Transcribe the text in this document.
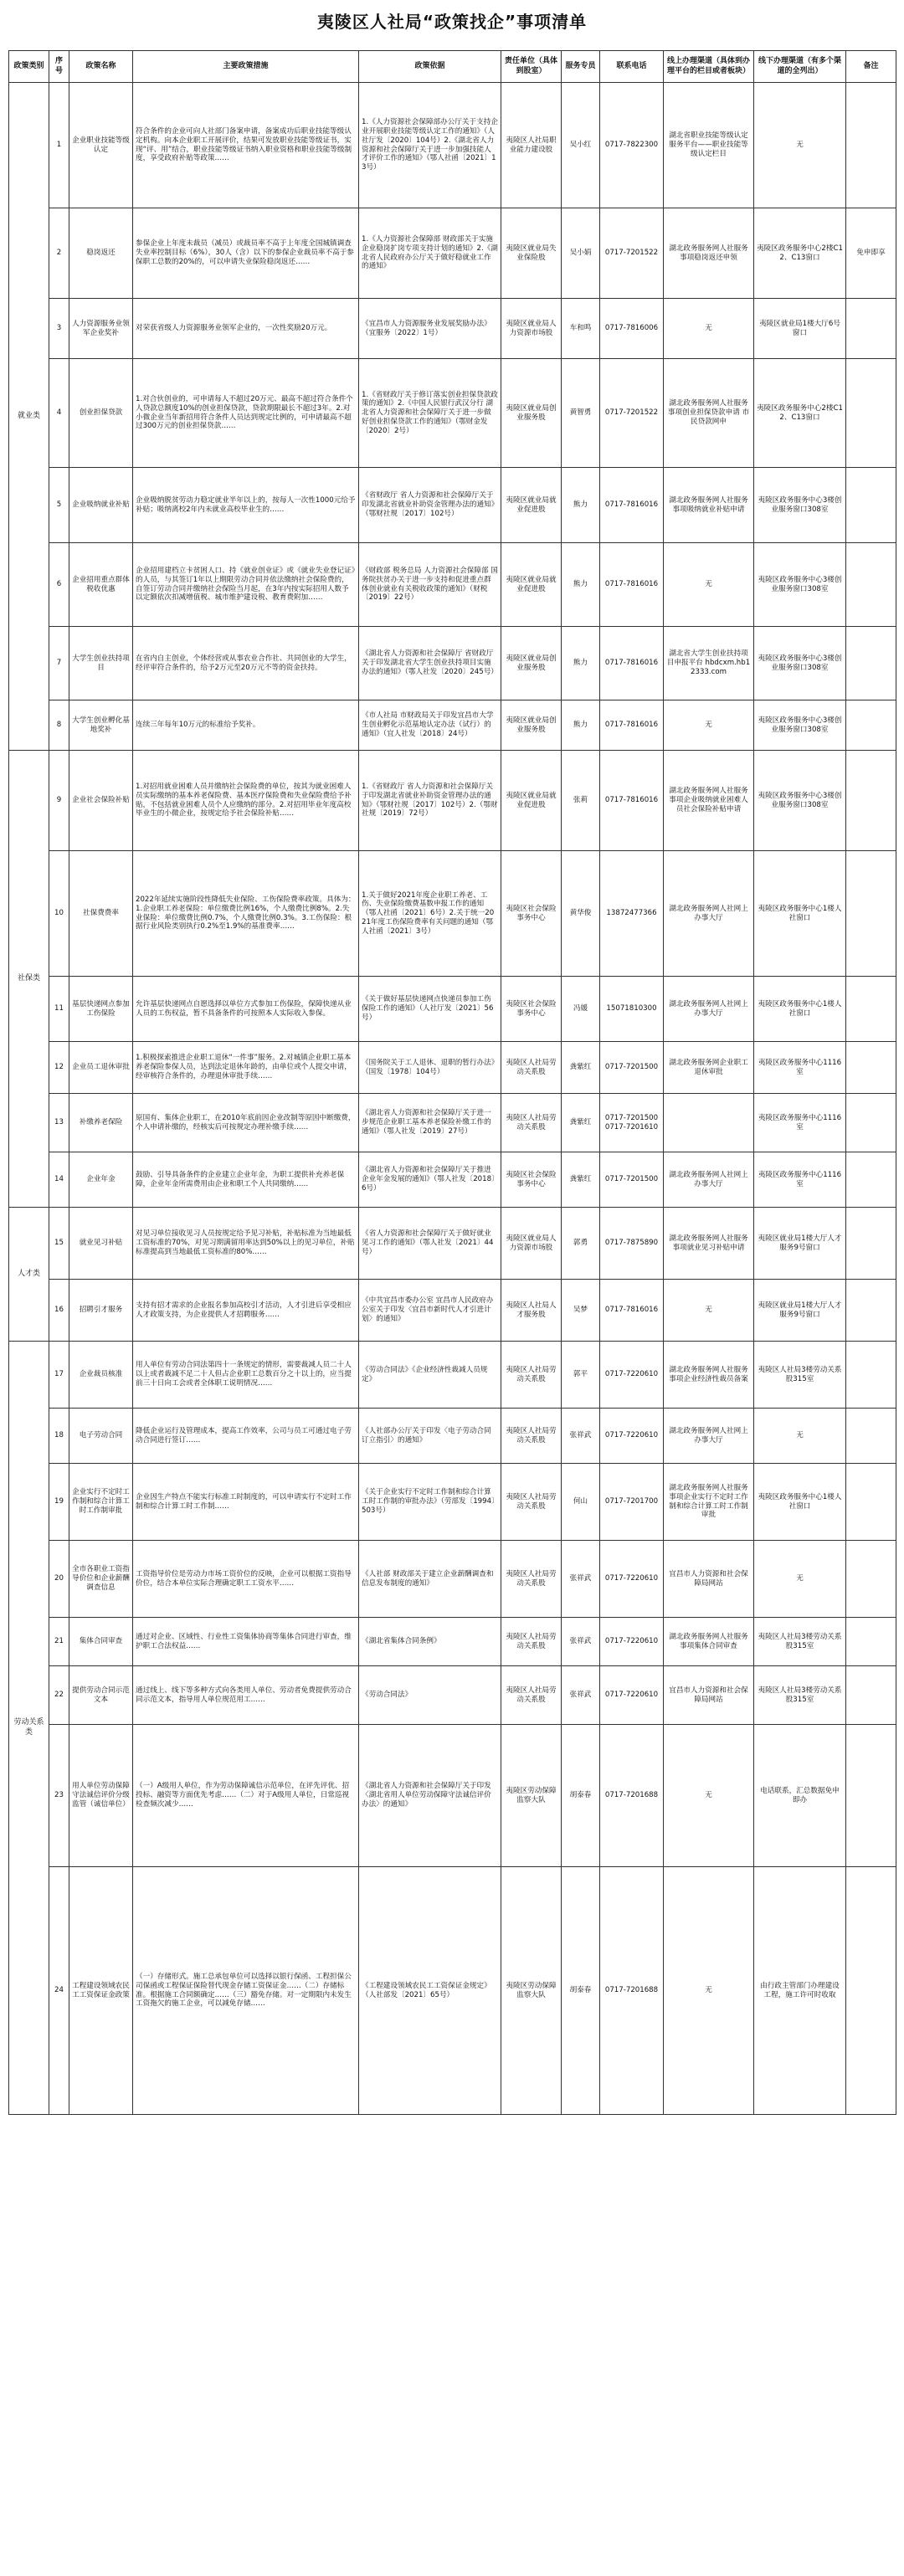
夷陵区人社局“政策找企”事项清单
政策类别	序号	政策名称	主要政策措施	政策依据	责任单位（具体到股室）	服务专员	联系电话	线上办理渠道（具体到办理平台的栏目或者板块）	线下办理渠道（有多个渠道的全列出）	备注
就业类	1	企业职业技能等级认定	符合条件的企业可向人社部门备案申请，备案成功后职业技能等级认定机构。向本企业职工开展评价，结果可发放职业技能等级证书，实现“评、用”结合，职业技能等级证书纳入职业资格和职业技能等级制度，享受政府补贴等政策……	1.《人力资源社会保障部办公厅关于支持企业开展职业技能等级认定工作的通知》（人社厅发〔2020〕104号）2.《湖北省人力资源和社会保障厅关于进一步加强技能人才评价工作的通知》（鄂人社函〔2021〕13号）	夷陵区人社局职业能力建设股	吴小红	0717-7822300	湖北省职业技能等级认定服务平台——职业技能等级认定栏目	无	
	2	稳岗返还	参保企业上年度未裁员（减员）或裁员率不高于上年度全国城镇调查失业率控制目标（6%），30人（含）以下的参保企业裁员率不高于参保职工总数的20%的，可以申请失业保险稳岗返还……	1.《人力资源社会保障部 财政部关于实施企业稳岗扩岗专项支持计划的通知》2.《湖北省人民政府办公厅关于做好稳就业工作的通知》	夷陵区就业局失业保险股	吴小娟	0717-7201522	湖北政务服务网人社服务事项稳岗返还申领	夷陵区政务服务中心2楼C12、C13窗口	免申即享
	3	人力资源服务业领军企业奖补	对荣获省级人力资源服务业领军企业的，一次性奖励20万元。	《宜昌市人力资源服务业发展奖励办法》（宜服务〔2022〕1号）	夷陵区就业局人力资源市场股	车和鸣	0717-7816006	无	夷陵区就业局1楼大厅6号窗口	
	4	创业担保贷款	1.对合伙创业的，可申请每人不超过20万元、最高不超过符合条件个人贷款总额度10%的创业担保贷款，贷款期限最长不超过3年。2.对小微企业当年新招用符合条件人员达到规定比例的，可申请最高不超过300万元的创业担保贷款……	1.《省财政厅关于修订落实创业担保贷款政策的通知》2.《中国人民银行武汉分行 湖北省人力资源和社会保障厅关于进一步做好创业担保贷款工作的通知》（鄂财金发〔2020〕2号）	夷陵区就业局创业服务股	黄智勇	0717-7201522	湖北政务服务网人社服务事项创业担保贷款申请 市民贷款网申	夷陵区政务服务中心2楼C12、C13窗口	
	5	企业吸纳就业补贴	企业吸纳脱贫劳动力稳定就业半年以上的，按每人一次性1000元给予补贴；吸纳离校2年内未就业高校毕业生的……	《省财政厅 省人力资源和社会保障厅关于印发湖北省就业补助资金管理办法的通知》（鄂财社规〔2017〕102号）	夷陵区就业局就业促进股	熊力	0717-7816016	湖北政务服务网人社服务事项吸纳就业补贴申请	夷陵区政务服务中心3楼创业服务窗口308室	
	6	企业招用重点群体税收优惠	企业招用建档立卡贫困人口、持《就业创业证》或《就业失业登记证》的人员，与其签订1年以上期限劳动合同并依法缴纳社会保险费的，自签订劳动合同并缴纳社会保险当月起，在3年内按实际招用人数予以定额依次扣减增值税、城市维护建设税、教育费附加……	《财政部 税务总局 人力资源社会保障部 国务院扶贫办关于进一步支持和促进重点群体创业就业有关税收政策的通知》（财税〔2019〕22号）	夷陵区就业局就业促进股	熊力	0717-7816016	无	夷陵区政务服务中心3楼创业服务窗口308室	
	7	大学生创业扶持项目	在省内自主创业，个体经营或从事农业合作社、共同创业的大学生，经评审符合条件的，给予2万元至20万元不等的资金扶持。	《湖北省人力资源和社会保障厅 省财政厅关于印发湖北省大学生创业扶持项目实施办法的通知》（鄂人社发〔2020〕245号）	夷陵区就业局创业服务股	熊力	0717-7816016	湖北省大学生创业扶持项目申报平台 hbdcxm.hb12333.com	夷陵区政务服务中心3楼创业服务窗口308室	
	8	大学生创业孵化基地奖补	连续三年每年10万元的标准给予奖补。	《市人社局 市财政局关于印发宜昌市大学生创业孵化示范基地认定办法（试行）的通知》（宜人社发〔2018〕24号）	夷陵区就业局创业服务股	熊力	0717-7816016	无	夷陵区政务服务中心3楼创业服务窗口308室	
社保类	9	企业社会保险补贴	1.对招用就业困难人员并缴纳社会保险费的单位，按其为就业困难人员实际缴纳的基本养老保险费、基本医疗保险费和失业保险费给予补贴，不包括就业困难人员个人应缴纳的部分。2.对招用毕业年度高校毕业生的小微企业，按规定给予社会保险补贴……	1.《省财政厅 省人力资源和社会保障厅关于印发湖北省就业补助资金管理办法的通知》（鄂财社规〔2017〕102号）2.（鄂财社规〔2019〕72号）	夷陵区就业局就业促进股	张莉	0717-7816016	湖北政务服务网人社服务事项企业吸纳就业困难人员社会保险补贴申请	夷陵区政务服务中心3楼创业服务窗口308室	
	10	社保费费率	2022年延续实施阶段性降低失业保险、工伤保险费率政策。具体为：1.企业职工养老保险：单位缴费比例16%，个人缴费比例8%。2.失业保险：单位缴费比例0.7%，个人缴费比例0.3%。3.工伤保险：根据行业风险类别执行0.2%至1.9%的基准费率……	1.关于做好2021年度企业职工养老、工伤、失业保险缴费基数申报工作的通知（鄂人社函〔2021〕6号）2.关于统一2021年度工伤保险费率有关问题的通知（鄂人社函〔2021〕3号）	夷陵区社会保险事务中心	黄华俊	13872477366	湖北政务服务网人社网上办事大厅	夷陵区政务服务中心1楼人社窗口	
	11	基层快递网点参加工伤保险	允许基层快递网点自愿选择以单位方式参加工伤保险，保障快递从业人员的工伤权益，暂不具备条件的可按照本人实际收入参保。	《关于做好基层快递网点快递员参加工伤保险工作的通知》（人社厅发〔2021〕56号）	夷陵区社会保险事务中心	冯媛	15071810300	湖北政务服务网人社网上办事大厅	夷陵区政务服务中心1楼人社窗口	
	12	企业员工退休审批	1.积极探索推进企业职工退休“一件事”服务。2.对城镇企业职工基本养老保险参保人员，达到法定退休年龄的，由单位或个人提交申请，经审核符合条件的，办理退休审批手续……	《国务院关于工人退休、退职的暂行办法》（国发〔1978〕104号）	夷陵区人社局劳动关系股	龚紫红	0717-7201500	湖北政务服务网企业职工退休审批	夷陵区政务服务中心1116室	
	13	补缴养老保险	原国有、集体企业职工，在2010年底前因企业改制等原因中断缴费，个人申请补缴的，经核实后可按规定办理补缴手续……	《湖北省人力资源和社会保障厅关于进一步规范企业职工基本养老保险补缴工作的通知》（鄂人社发〔2019〕27号）	夷陵区人社局劳动关系股	龚紫红	0717-7201500 0717-7201610		夷陵区政务服务中心1116室	
	14	企业年金	鼓励、引导具备条件的企业建立企业年金，为职工提供补充养老保障，企业年金所需费用由企业和职工个人共同缴纳……	《湖北省人力资源和社会保障厅关于推进企业年金发展的通知》（鄂人社发〔2018〕6号）	夷陵区社会保险事务中心	龚紫红	0717-7201500	湖北政务服务网人社网上办事大厅	夷陵区政务服务中心1116室	
人才类	15	就业见习补贴	对见习单位接收见习人员按规定给予见习补贴，补贴标准为当地最低工资标准的70%，对见习期满留用率达到50%以上的见习单位，补贴标准提高到当地最低工资标准的80%……	《省人力资源和社会保障厅关于做好就业见习工作的通知》（鄂人社发〔2021〕44号）	夷陵区就业局人力资源市场股	郭勇	0717-7875890	湖北政务服务网人社服务事项就业见习补贴申请	夷陵区就业局1楼大厅人才服务9号窗口	
	16	招聘引才服务	支持有招才需求的企业报名参加高校引才活动，人才引进后享受相应人才政策支持，为企业提供人才招聘服务……	《中共宜昌市委办公室 宜昌市人民政府办公室关于印发〈宜昌市新时代人才引进计划〉的通知》	夷陵区人社局人才服务股	吴梦	0717-7816016	无	夷陵区就业局1楼大厅人才服务9号窗口	
劳动关系类	17	企业裁员核准	用人单位有劳动合同法第四十一条规定的情形，需要裁减人员二十人以上或者裁减不足二十人但占企业职工总数百分之十以上的，应当提前三十日向工会或者全体职工说明情况……	《劳动合同法》《企业经济性裁减人员规定》	夷陵区人社局劳动关系股	郭平	0717-7220610	湖北政务服务网人社服务事项企业经济性裁员备案	夷陵区人社局3楼劳动关系股315室	
	18	电子劳动合同	降低企业运行及管理成本，提高工作效率，公司与员工可通过电子劳动合同进行签订……	《人社部办公厅关于印发〈电子劳动合同订立指引〉的通知》	夷陵区人社局劳动关系股	张祥武	0717-7220610	湖北政务服务网人社网上办事大厅	无	
	19	企业实行不定时工作制和综合计算工时工作制审批	企业因生产特点不能实行标准工时制度的，可以申请实行不定时工作制和综合计算工时工作制……	《关于企业实行不定时工作制和综合计算工时工作制的审批办法》（劳部发〔1994〕503号）	夷陵区人社局劳动关系股	何山	0717-7201700	湖北政务服务网人社服务事项企业实行不定时工作制和综合计算工时工作制审批	夷陵区政务服务中心1楼人社窗口	
	20	全市各职业工资指导价位和企业薪酬调查信息	工资指导价位是劳动力市场工资价位的反映，企业可以根据工资指导价位，结合本单位实际合理确定职工工资水平……	《人社部 财政部关于建立企业薪酬调查和信息发布制度的通知》	夷陵区人社局劳动关系股	张祥武	0717-7220610	宜昌市人力资源和社会保障局网站	无	
	21	集体合同审查	通过对企业、区域性、行业性工资集体协商等集体合同进行审查，维护职工合法权益……	《湖北省集体合同条例》	夷陵区人社局劳动关系股	张祥武	0717-7220610	湖北政务服务网人社服务事项集体合同审查	夷陵区人社局3楼劳动关系股315室	
	22	提供劳动合同示范文本	通过线上、线下等多种方式向各类用人单位、劳动者免费提供劳动合同示范文本，指导用人单位规范用工……	《劳动合同法》	夷陵区人社局劳动关系股	张祥武	0717-7220610	宜昌市人力资源和社会保障局网站	夷陵区人社局3楼劳动关系股315室	
	23	用人单位劳动保障守法诚信评价分级监管（诚信单位）	（一）A级用人单位，作为劳动保障诚信示范单位，在评先评优、招投标、融资等方面优先考虑……（二）对于A级用人单位，日常巡视检查频次减少……	《湖北省人力资源和社会保障厅关于印发〈湖北省用人单位劳动保障守法诚信评价办法〉的通知》	夷陵区劳动保障监察大队	胡泰春	0717-7201688	无	电话联系，汇总数据免申即办	
	24	工程建设领域农民工工资保证金政策	（一）存储形式。施工总承包单位可以选择以银行保函、工程担保公司保函或工程保证保险替代现金存储工资保证金……（二）存储标准。根据施工合同额确定……（三）豁免存储。对一定期限内未发生工资拖欠的施工企业，可以减免存储……	《工程建设领域农民工工资保证金规定》（人社部发〔2021〕65号）	夷陵区劳动保障监察大队	胡泰春	0717-7201688	无	由行政主管部门办理建设工程，施工许可时收取	
